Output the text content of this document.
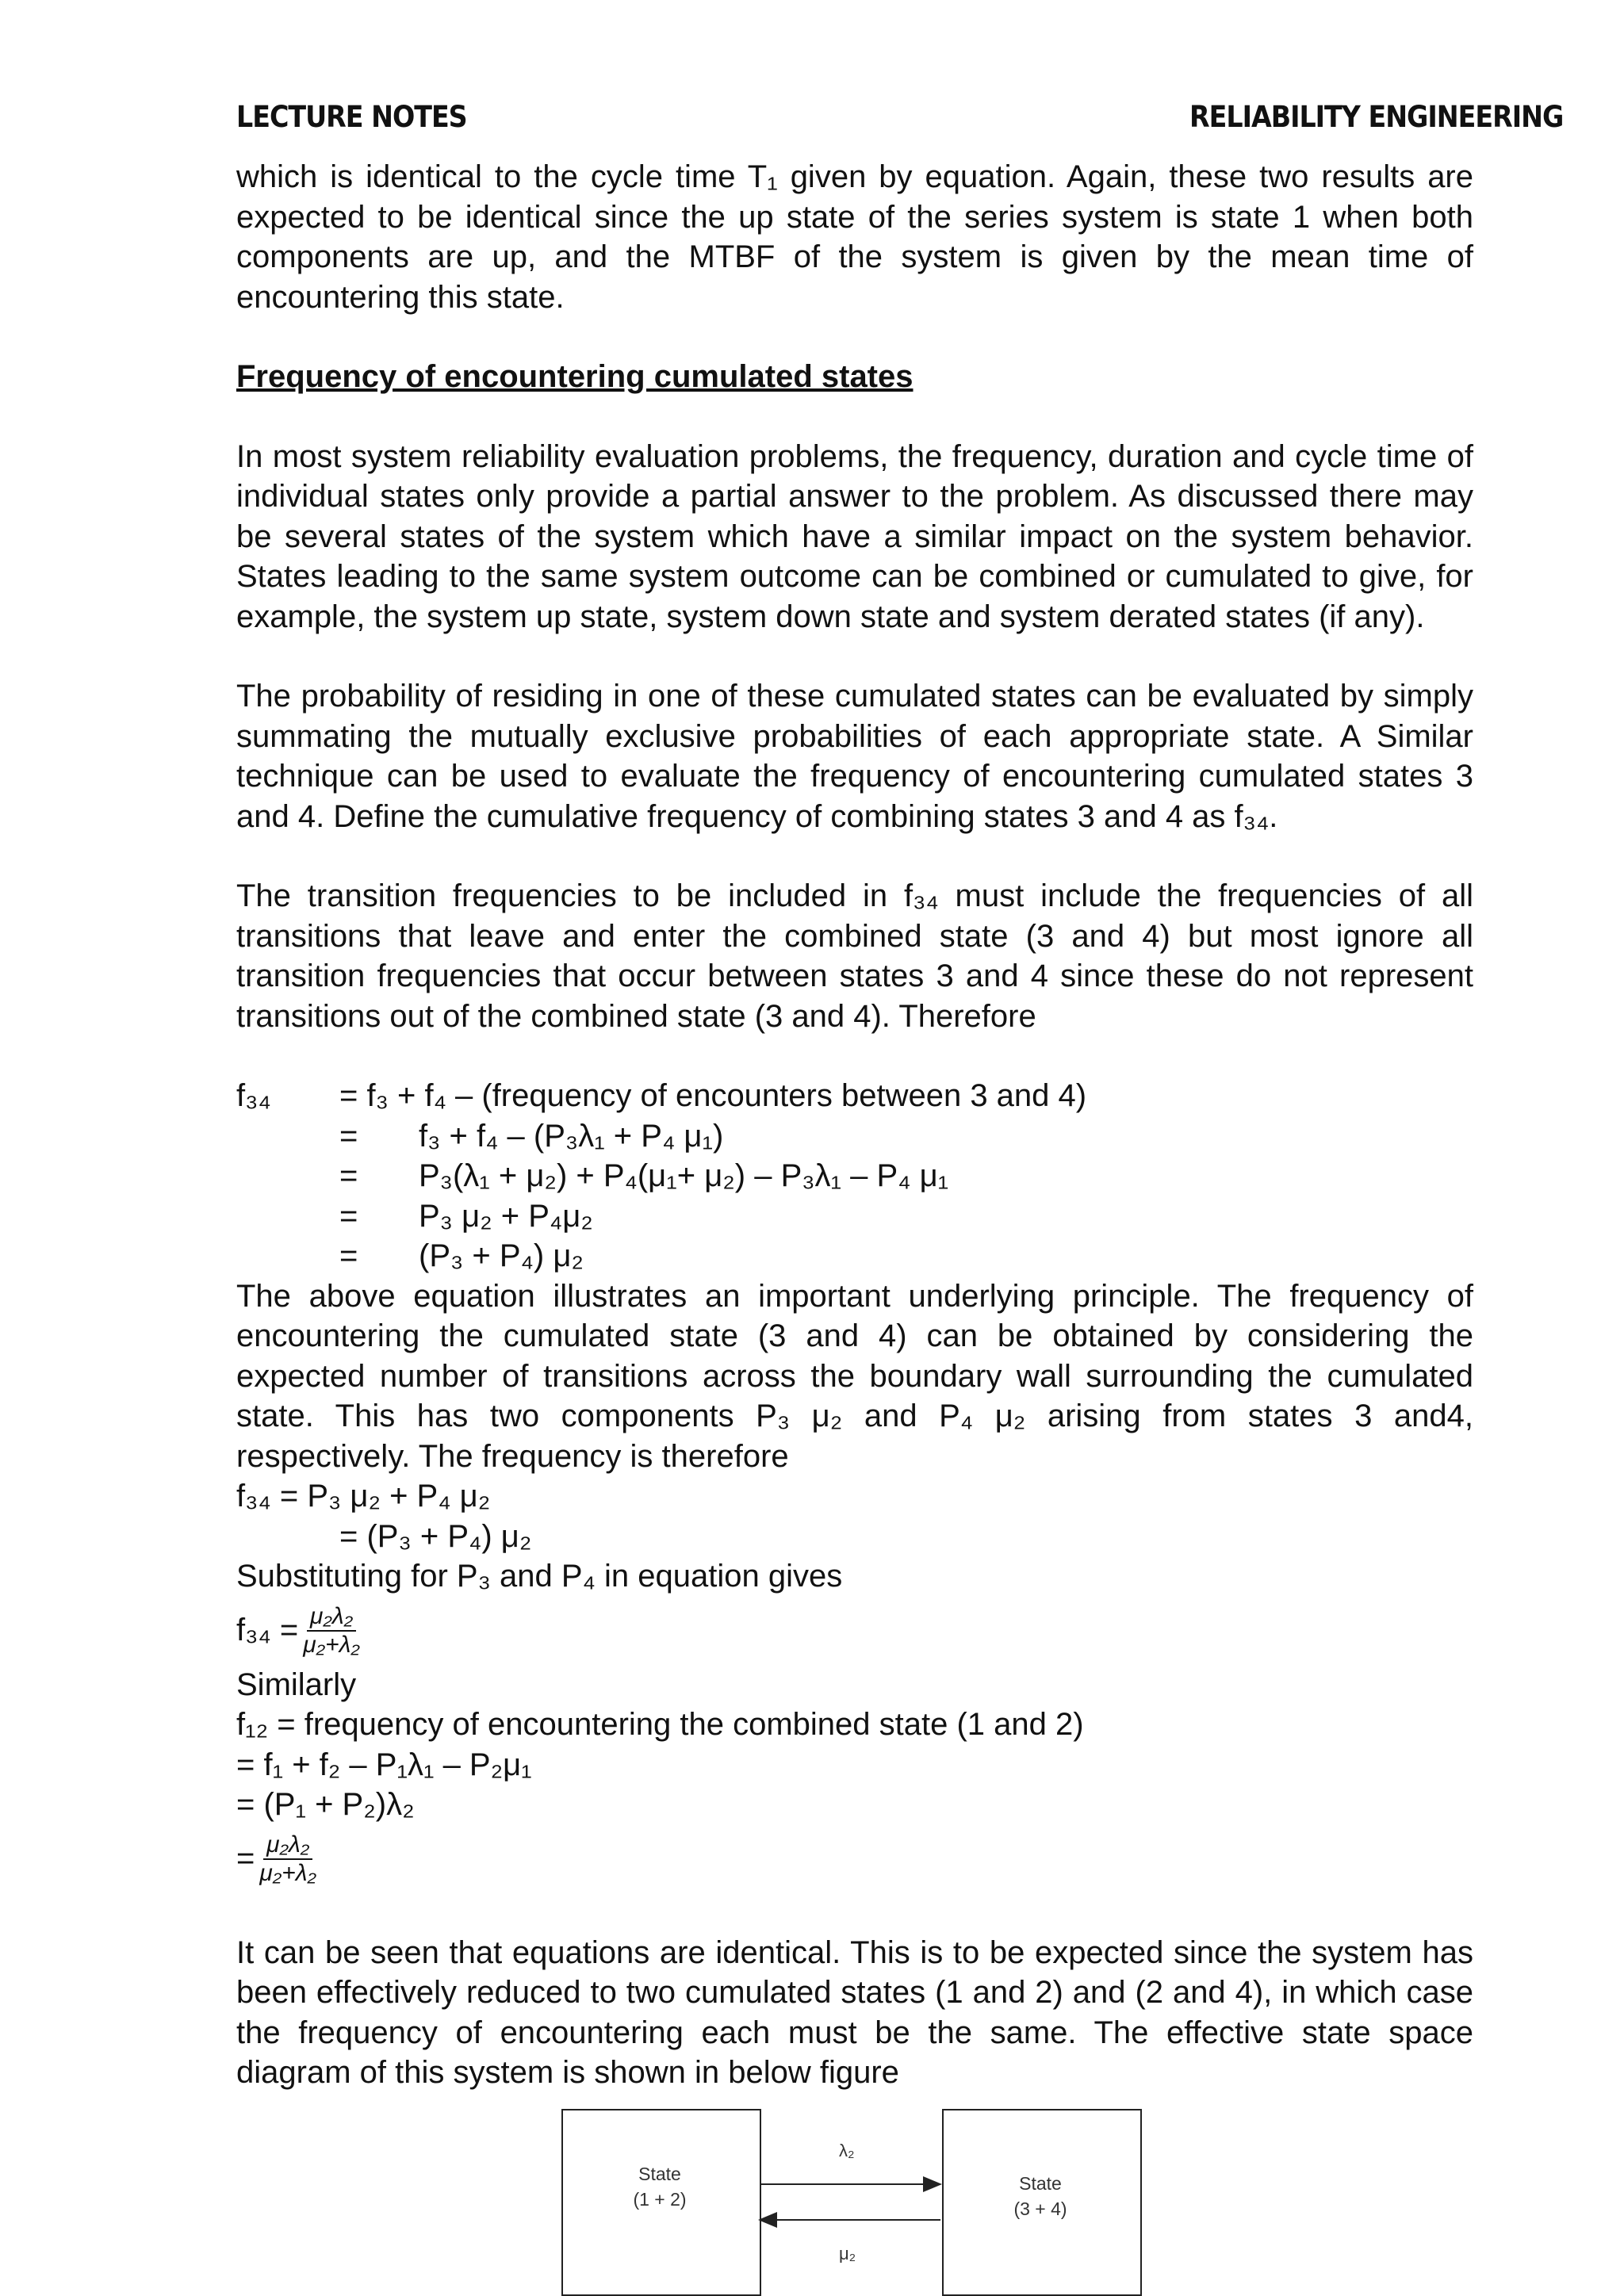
LECTURE NOTES	RELIABILITY ENGINEERING

which is identical to the cycle time T₁ given by equation. Again, these two results are expected to be identical since the up state of the series system is state 1 when both components are up, and the MTBF of the system is given by the mean time of encountering this state.

Frequency of encountering cumulated states

In most system reliability evaluation problems, the frequency, duration and cycle time of individual states only provide a partial answer to the problem. As discussed there may be several states of the system which have a similar impact on the system behavior. States leading to the same system outcome can be combined or cumulated to give, for example, the system up state, system down state and system derated states (if any).

The probability of residing in one of these cumulated states can be evaluated by simply summating the mutually exclusive probabilities of each appropriate state. A Similar technique can be used to evaluate the frequency of encountering cumulated states 3 and 4. Define the cumulative frequency of combining states 3 and 4 as f₃₄.

The transition frequencies to be included in f₃₄ must include the frequencies of all transitions that leave and enter the combined state (3 and 4) but most ignore all transition frequencies that occur between states 3 and 4 since these do not represent transitions out of the combined state (3 and 4). Therefore

f₃₄	= f₃ + f₄ – (frequency of encounters between 3 and 4)
=	f₃ + f₄ – (P₃λ₁ + P₄ μ₁)
=	P₃(λ₁ + μ₂) + P₄(μ₁+ μ₂) – P₃λ₁ – P₄ μ₁
=	P₃ μ₂ + P₄μ₂
=	(P₃ + P₄) μ₂

The above equation illustrates an important underlying principle. The frequency of encountering the cumulated state (3 and 4) can be obtained by considering the expected number of transitions across the boundary wall surrounding the cumulated state. This has two components P₃ μ₂ and P₄ μ₂ arising from states 3 and4, respectively. The frequency is therefore

f₃₄ = P₃ μ₂ + P₄ μ₂
= (P₃ + P₄) μ₂
Substituting for P₃ and P₄ in equation gives
$f_{34} = \frac{\text{μ₂λ₂}}{\text{μ₂+λ₂}}$
Similarly
f₁₂ = frequency of encountering the combined state (1 and 2)
= f₁ + f₂ – P₁λ₁ – P₂μ₁
= (P₁ + P₂)λ₂
= $\frac{\text{μ₂λ₂}}{\text{μ₂+λ₂}}$

It can be seen that equations are identical. This is to be expected since the system has been effectively reduced to two cumulated states (1 and 2) and (2 and 4), in which case the frequency of encountering each must be the same. The effective state space diagram of this system is shown in below figure

State
(1 + 2)
State
(3 + 4)
λ₂
μ₂
